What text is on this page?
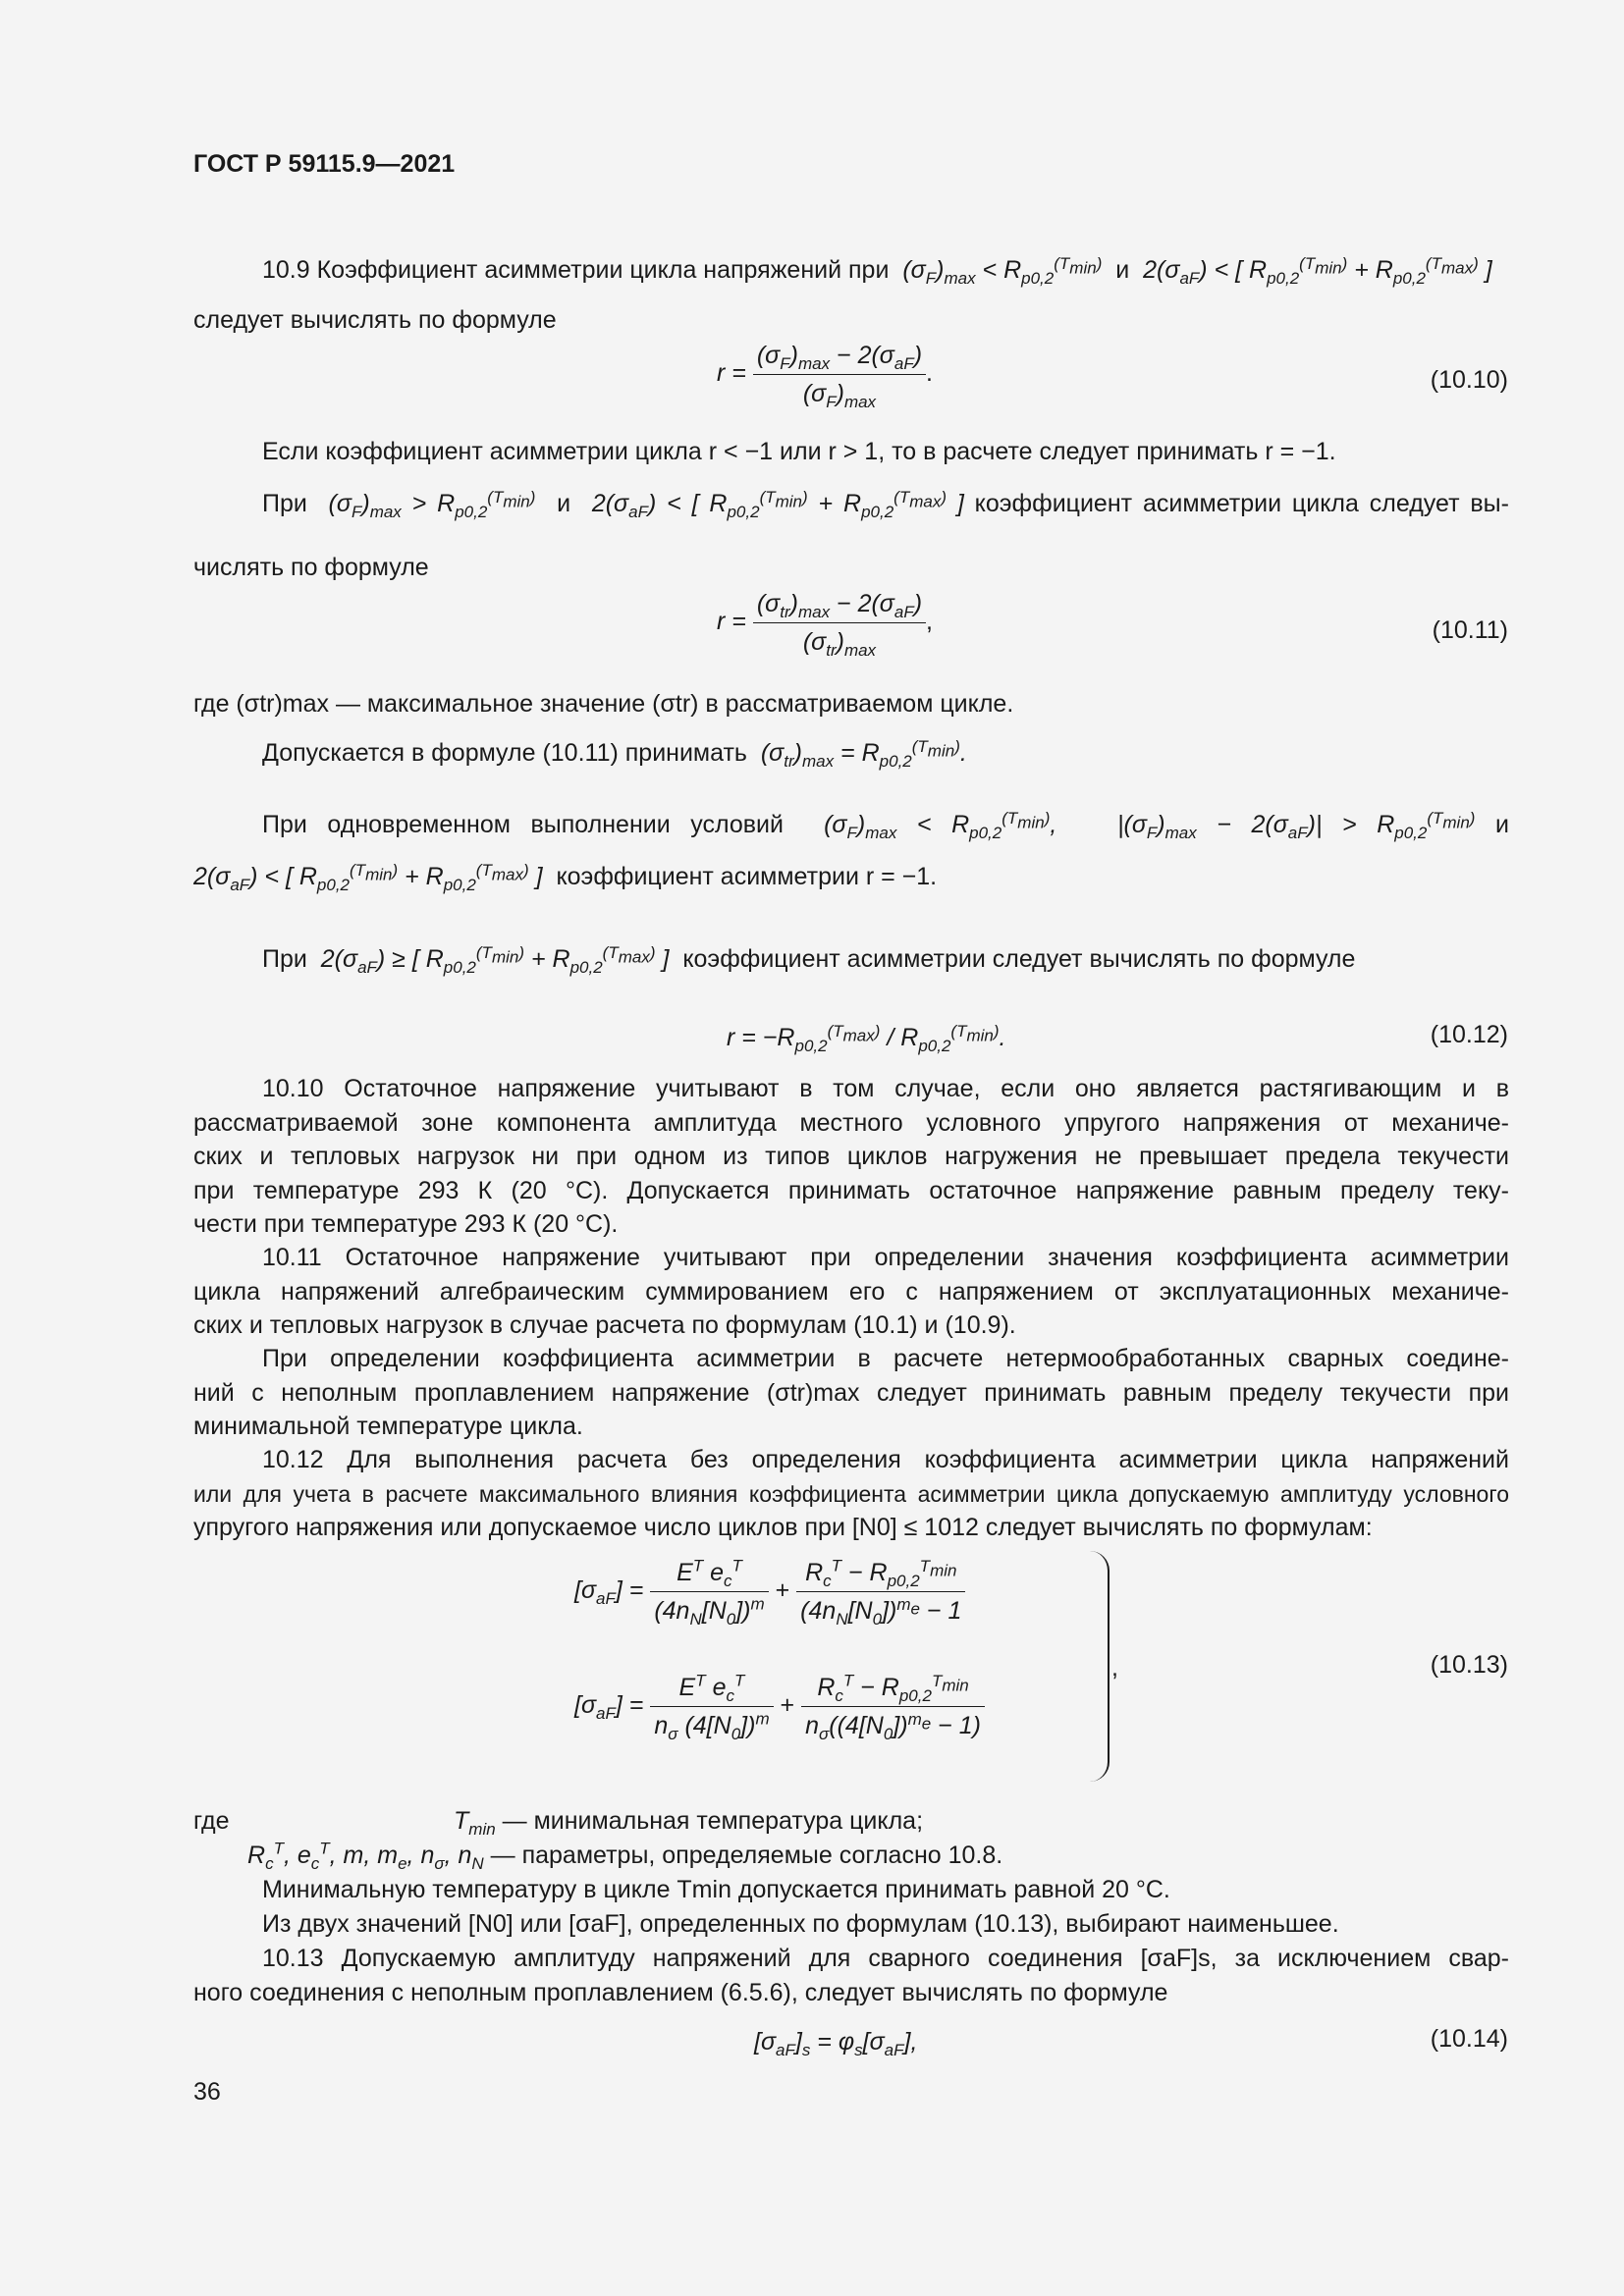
ГОСТ Р 59115.9—2021
10.9 Коэффициент асимметрии цикла напряжений при  $(\sigma_F)_{max} < R_{p0,2}^{(T_{min})}$ и $2(\sigma_{aF})$ < [ $R_{p0,2}^{(T_{min})} + R_{p0,2}^{(T_{max})}$ ]
следует вычислять по формуле
$r = \frac{(\sigma_F)_{max} - 2(\sigma_{aF})}{(\sigma_F)_{max}}$ .	(10.10)
Если коэффициент асимметрии цикла r < −1 или r > 1, то в расчете следует принимать r = −1.
При  $(\sigma_F)_{max} > R_{p0,2}^{(T_{min})}$ и $2(\sigma_{aF})$ < [ $R_{p0,2}^{(T_{min})} + R_{p0,2}^{(T_{max})}$ ] коэффициент асимметрии цикла следует вы-
числять по формуле
$r = \frac{(\sigma_{tr})_{max} - 2(\sigma_{aF})}{(\sigma_{tr})_{max}}$ ,	(10.11)
где (σtr)max — максимальное значение (σtr) в рассматриваемом цикле.
Допускается в формуле (10.11) принимать  $(\sigma_{tr})_{max} = R_{p0,2}^{(T_{min})}$.
При одновременном выполнении условий  $(\sigma_F)_{max} < R_{p0,2}^{(T_{min})}$,   $|(\sigma_F)_{max} - 2(\sigma_{aF})| > R_{p0,2}^{(T_{min})}$ и
$2(\sigma_{aF})$ < [ $R_{p0,2}^{(T_{min})} + R_{p0,2}^{(T_{max})}$ ] коэффициент асимметрии r = −1.
При  $2(\sigma_{aF})$ ≥ [ $R_{p0,2}^{(T_{min})} + R_{p0,2}^{(T_{max})}$ ] коэффициент асимметрии следует вычислять по формуле
$r = -R_{p0,2}^{(T_{max})} / R_{p0,2}^{(T_{min})}$.	(10.12)
10.10 Остаточное напряжение учитывают в том случае, если оно является растягивающим и в
рассматриваемой зоне компонента амплитуда местного условного упругого напряжения от механиче-
ских и тепловых нагрузок ни при одном из типов циклов нагружения не превышает предела текучести
при температуре 293 К (20 °С). Допускается принимать остаточное напряжение равным пределу теку-
чести при температуре 293 К (20 °С).
10.11 Остаточное напряжение учитывают при определении значения коэффициента асимметрии
цикла напряжений алгебраическим суммированием его с напряжением от эксплуатационных механиче-
ских и тепловых нагрузок в случае расчета по формулам (10.1) и (10.9).
При определении коэффициента асимметрии в расчете нетермообработанных сварных соедине-
ний с неполным проплавлением напряжение (σtr)max следует принимать равным пределу текучести при
минимальной температуре цикла.
10.12 Для выполнения расчета без определения коэффициента асимметрии цикла напряжений
или для учета в расчете максимального влияния коэффициента асимметрии цикла допускаемую амплитуду условного
упругого напряжения или допускаемое число циклов при [N0] ≤ 1012 следует вычислять по формулам:
$[\sigma_{aF}] = \frac{E^T e_c^T}{(4n_N[N_0])^m} + \frac{R_c^T - R_{p0,2}^{T_{min}}}{(4n_N[N_0])^{m_e} - 1}$
$[\sigma_{aF}] = \frac{E^T e_c^T}{n_\sigma (4[N_0])^m} + \frac{R_c^T - R_{p0,2}^{T_{min}}}{n_\sigma((4[N_0])^{m_e} - 1)}$
,	(10.13)
где	$T_{min}$ — минимальная температура цикла;
$R_c^T$, $e_c^T$, m, $m_e$, $n_\sigma$, $n_N$ — параметры, определяемые согласно 10.8.
Минимальную температуру в цикле Tmin допускается принимать равной 20 °С.
Из двух значений [N0] или [σaF], определенных по формулам (10.13), выбирают наименьшее.
10.13 Допускаемую амплитуду напряжений для сварного соединения [σaF]s, за исключением свар-
ного соединения с неполным проплавлением (6.5.6), следует вычислять по формуле
$[\sigma_{aF}]_s = \varphi_s[\sigma_{aF}]$,	(10.14)
36
